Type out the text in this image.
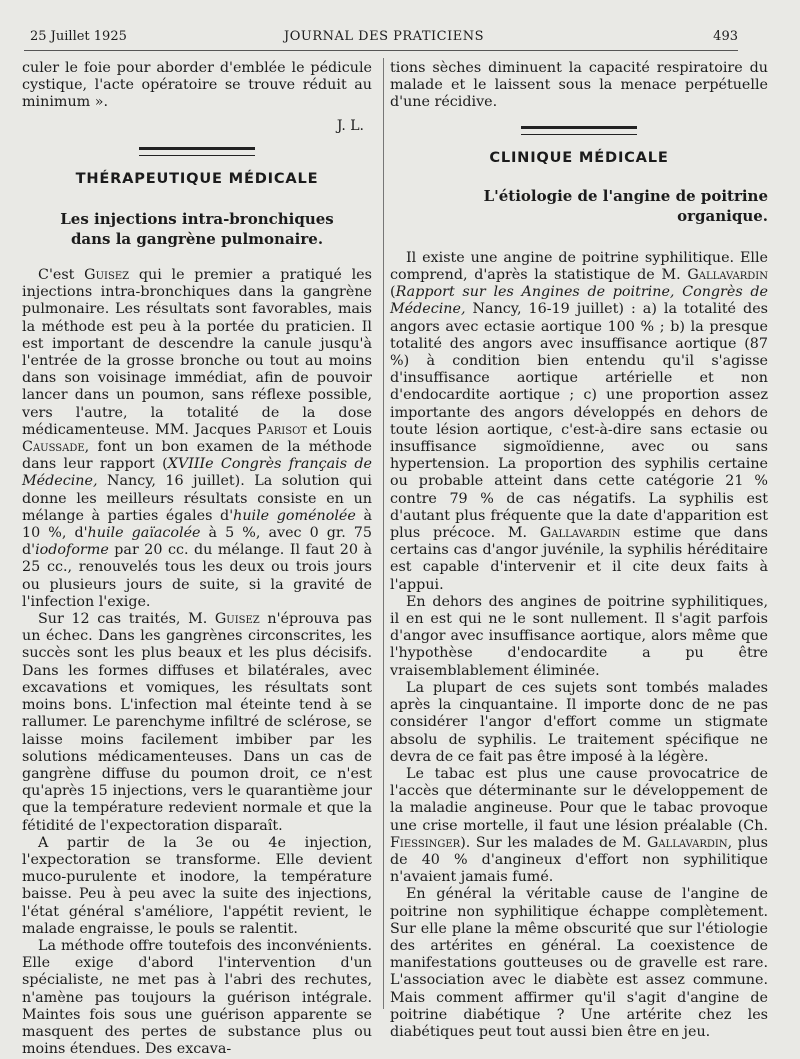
25 Juillet 1925	JOURNAL DES PRATICIENS	493

culer le foie pour aborder d'emblée le pédicule cystique, l'acte opératoire se trouve réduit au minimum ».

J. L.
THÉRAPEUTIQUE MÉDICALE
Les injections intra-bronchiques
dans la gangrène pulmonaire.

C'est Guisez qui le premier a pratiqué les injections intra-bronchiques dans la gangrène pulmonaire. Les résultats sont favorables, mais la méthode est peu à la portée du praticien. Il est important de descendre la canule jusqu'à l'entrée de la grosse bronche ou tout au moins dans son voisinage immédiat, afin de pouvoir lancer dans un poumon, sans réflexe possible, vers l'autre, la totalité de la dose médicamenteuse. MM. Jacques Parisot et Louis Caussade, font un bon examen de la méthode dans leur rapport (XVIIIe Congrès français de Médecine, Nancy, 16 juillet). La solution qui donne les meilleurs résultats consiste en un mélange à parties égales d'huile goménolée à 10 %, d'huile gaïacolée à 5 %, avec 0 gr. 75 d'iodoforme par 20 cc. du mélange. Il faut 20 à 25 cc., renouvelés tous les deux ou trois jours ou plusieurs jours de suite, si la gravité de l'infection l'exige.

Sur 12 cas traités, M. Guisez n'éprouva pas un échec. Dans les gangrènes circonscrites, les succès sont les plus beaux et les plus décisifs. Dans les formes diffuses et bilatérales, avec excavations et vomiques, les résultats sont moins bons. L'infection mal éteinte tend à se rallumer. Le parenchyme infiltré de sclérose, se laisse moins facilement imbiber par les solutions médicamenteuses. Dans un cas de gangrène diffuse du poumon droit, ce n'est qu'après 15 injections, vers le quarantième jour que la température redevient normale et que la fétidité de l'expectoration disparaît.

A partir de la 3e ou 4e injection, l'expectoration se transforme. Elle devient muco-purulente et inodore, la température baisse. Peu à peu avec la suite des injections, l'état général s'améliore, l'appétit revient, le malade engraisse, le pouls se ralentit.

La méthode offre toutefois des inconvénients. Elle exige d'abord l'intervention d'un spécialiste, ne met pas à l'abri des rechutes, n'amène pas toujours la guérison intégrale. Maintes fois sous une guérison apparente se masquent des pertes de substance plus ou moins étendues. Des excava-

tions sèches diminuent la capacité respiratoire du malade et le laissent sous la menace perpétuelle d'une récidive.

CLINIQUE MÉDICALE
L'étiologie de l'angine de poitrine organique.

Il existe une angine de poitrine syphilitique. Elle comprend, d'après la statistique de M. Gallavardin (Rapport sur les Angines de poitrine, Congrès de Médecine, Nancy, 16-19 juillet) : a) la totalité des angors avec ectasie aortique 100 % ; b) la presque totalité des angors avec insuffisance aortique (87 %) à condition bien entendu qu'il s'agisse d'insuffisance aortique artérielle et non d'endocardite aortique ; c) une proportion assez importante des angors développés en dehors de toute lésion aortique, c'est-à-dire sans ectasie ou insuffisance sigmoïdienne, avec ou sans hypertension. La proportion des syphilis certaine ou probable atteint dans cette catégorie 21 % contre 79 % de cas négatifs. La syphilis est d'autant plus fréquente que la date d'apparition est plus précoce. M. Gallavardin estime que dans certains cas d'angor juvénile, la syphilis héréditaire est capable d'intervenir et il cite deux faits à l'appui.

En dehors des angines de poitrine syphilitiques, il en est qui ne le sont nullement. Il s'agit parfois d'angor avec insuffisance aortique, alors même que l'hypothèse d'endocardite a pu être vraisemblablement éliminée.

La plupart de ces sujets sont tombés malades après la cinquantaine. Il importe donc de ne pas considérer l'angor d'effort comme un stigmate absolu de syphilis. Le traitement spécifique ne devra de ce fait pas être imposé à la légère.

Le tabac est plus une cause provocatrice de l'accès que déterminante sur le développement de la maladie angineuse. Pour que le tabac provoque une crise mortelle, il faut une lésion préalable (Ch. Fiessinger). Sur les malades de M. Gallavardin, plus de 40 % d'angineux d'effort non syphilitique n'avaient jamais fumé.

En général la véritable cause de l'angine de poitrine non syphilitique échappe complètement. Sur elle plane la même obscurité que sur l'étiologie des artérites en général. La coexistence de manifestations goutteuses ou de gravelle est rare. L'association avec le diabète est assez commune. Mais comment affirmer qu'il s'agit d'angine de poitrine diabétique ? Une artérite chez les diabétiques peut tout aussi bien être en jeu.
